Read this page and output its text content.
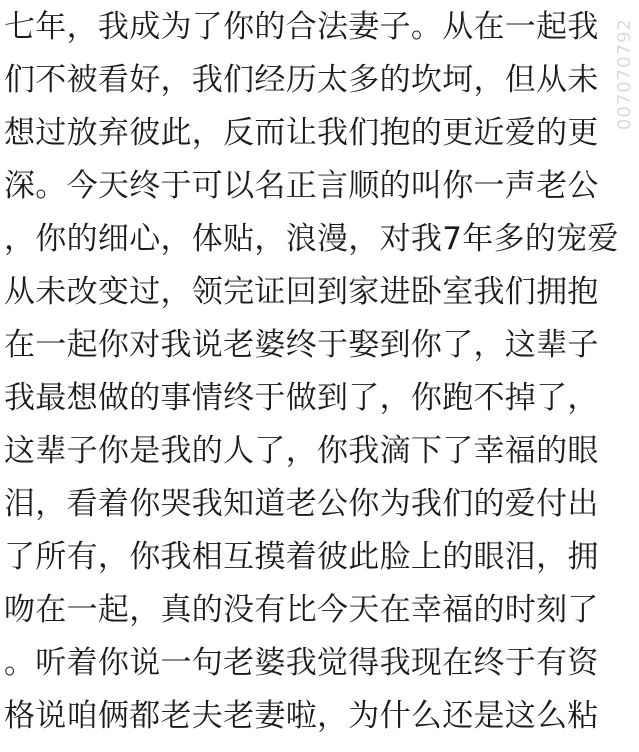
007070792
七年，我成为了你的合法妻子。从在一起我
们不被看好，我们经历太多的坎坷，但从未
想过放弃彼此，反而让我们抱的更近爱的更
深。今天终于可以名正言顺的叫你一声老公
，你的细心，体贴，浪漫，对我7年多的宠爱
从未改变过，领完证回到家进卧室我们拥抱
在一起你对我说老婆终于娶到你了，这辈子
我最想做的事情终于做到了，你跑不掉了，
这辈子你是我的人了，你我滴下了幸福的眼
泪，看着你哭我知道老公你为我们的爱付出
了所有，你我相互摸着彼此脸上的眼泪，拥
吻在一起，真的没有比今天在幸福的时刻了
。听着你说一句老婆我觉得我现在终于有资
格说咱俩都老夫老妻啦，为什么还是这么粘
